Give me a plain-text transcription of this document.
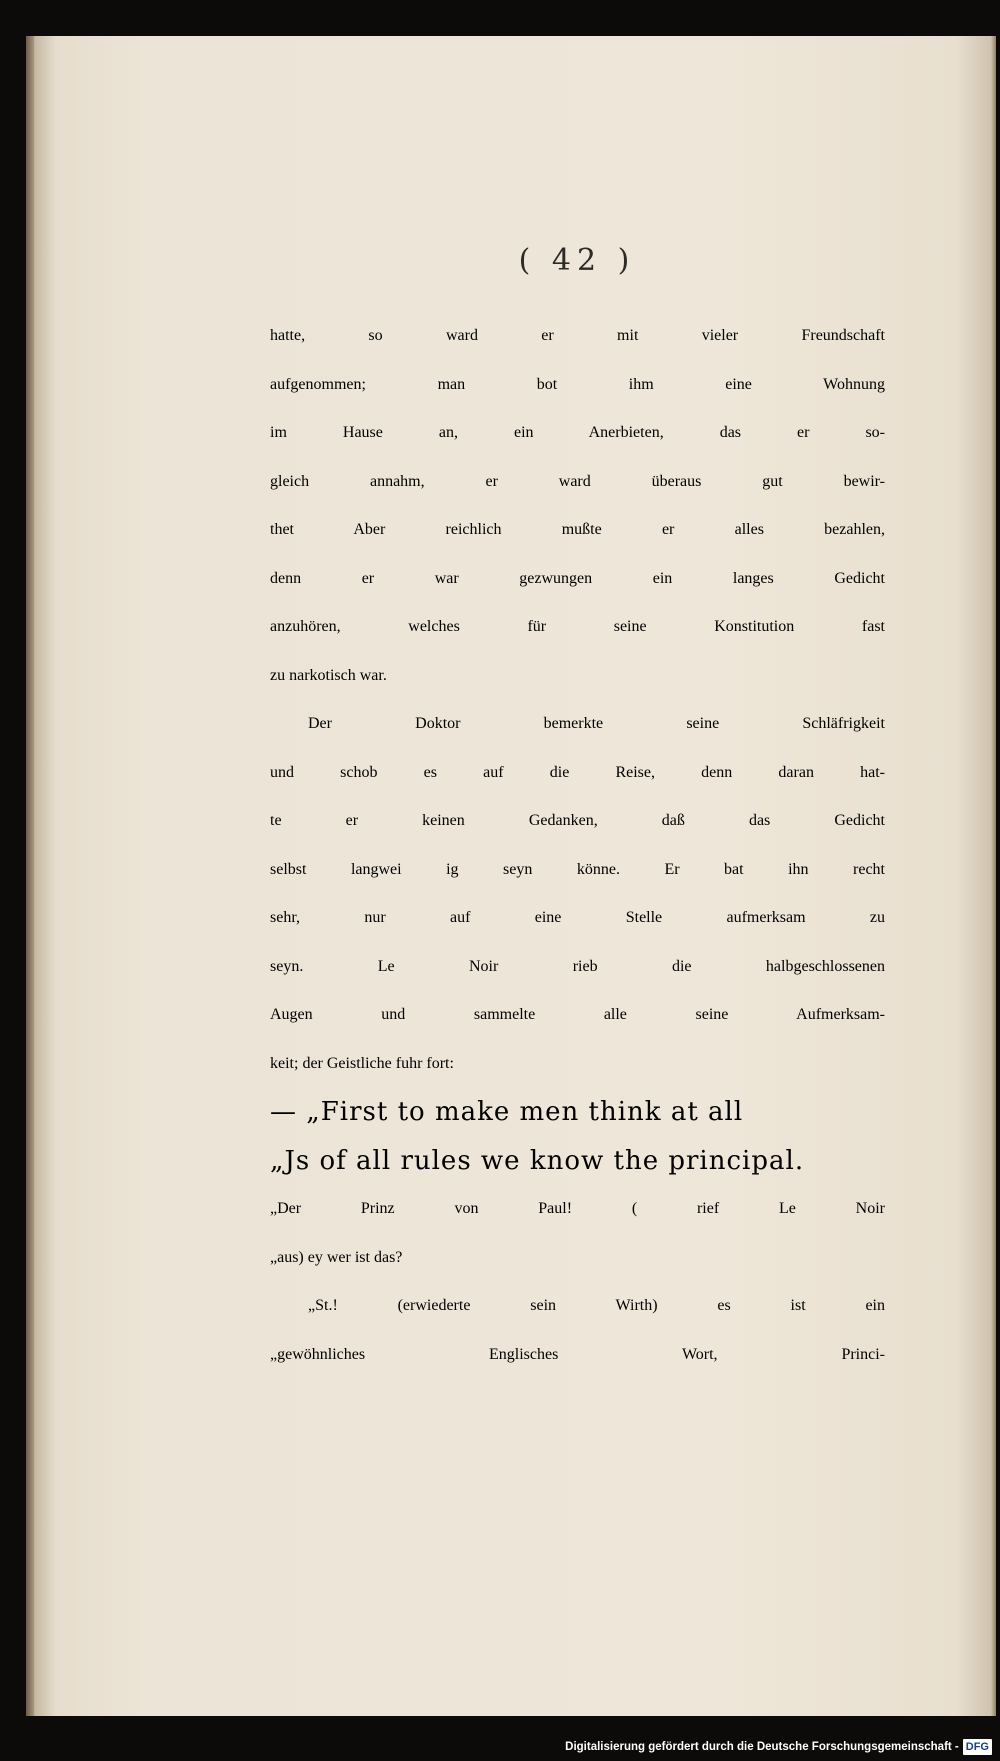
( 42 )
hatte, so ward er mit vieler Freundschaft
aufgenommen; man bot ihm eine Wohnung
im Hause an, ein Anerbieten, das er so-
gleich annahm, er ward überaus gut bewir-
thet Aber reichlich mußte er alles bezahlen,
denn er war gezwungen ein langes Gedicht
anzuhören, welches für seine Konstitution fast
zu narkotisch war.
Der Doktor bemerkte seine Schläfrigkeit
und schob es auf die Reise, denn daran hat-
te er keinen Gedanken, daß das Gedicht
selbst langwei ig seyn könne. Er bat ihn recht
sehr, nur auf eine Stelle aufmerksam zu
seyn. Le Noir rieb die halbgeschlossenen
Augen und sammelte alle seine Aufmerksam-
keit; der Geistliche fuhr fort:
— „First to make men think at all
„Js of all rules we know the principal.
„Der Prinz von Paul! ( rief Le Noir
„aus) ey wer ist das?
„St.! (erwiederte sein Wirth) es ist ein
„gewöhnliches Englisches Wort, Princi-
Digitalisierung gefördert durch die Deutsche Forschungsgemeinschaft - DFG
